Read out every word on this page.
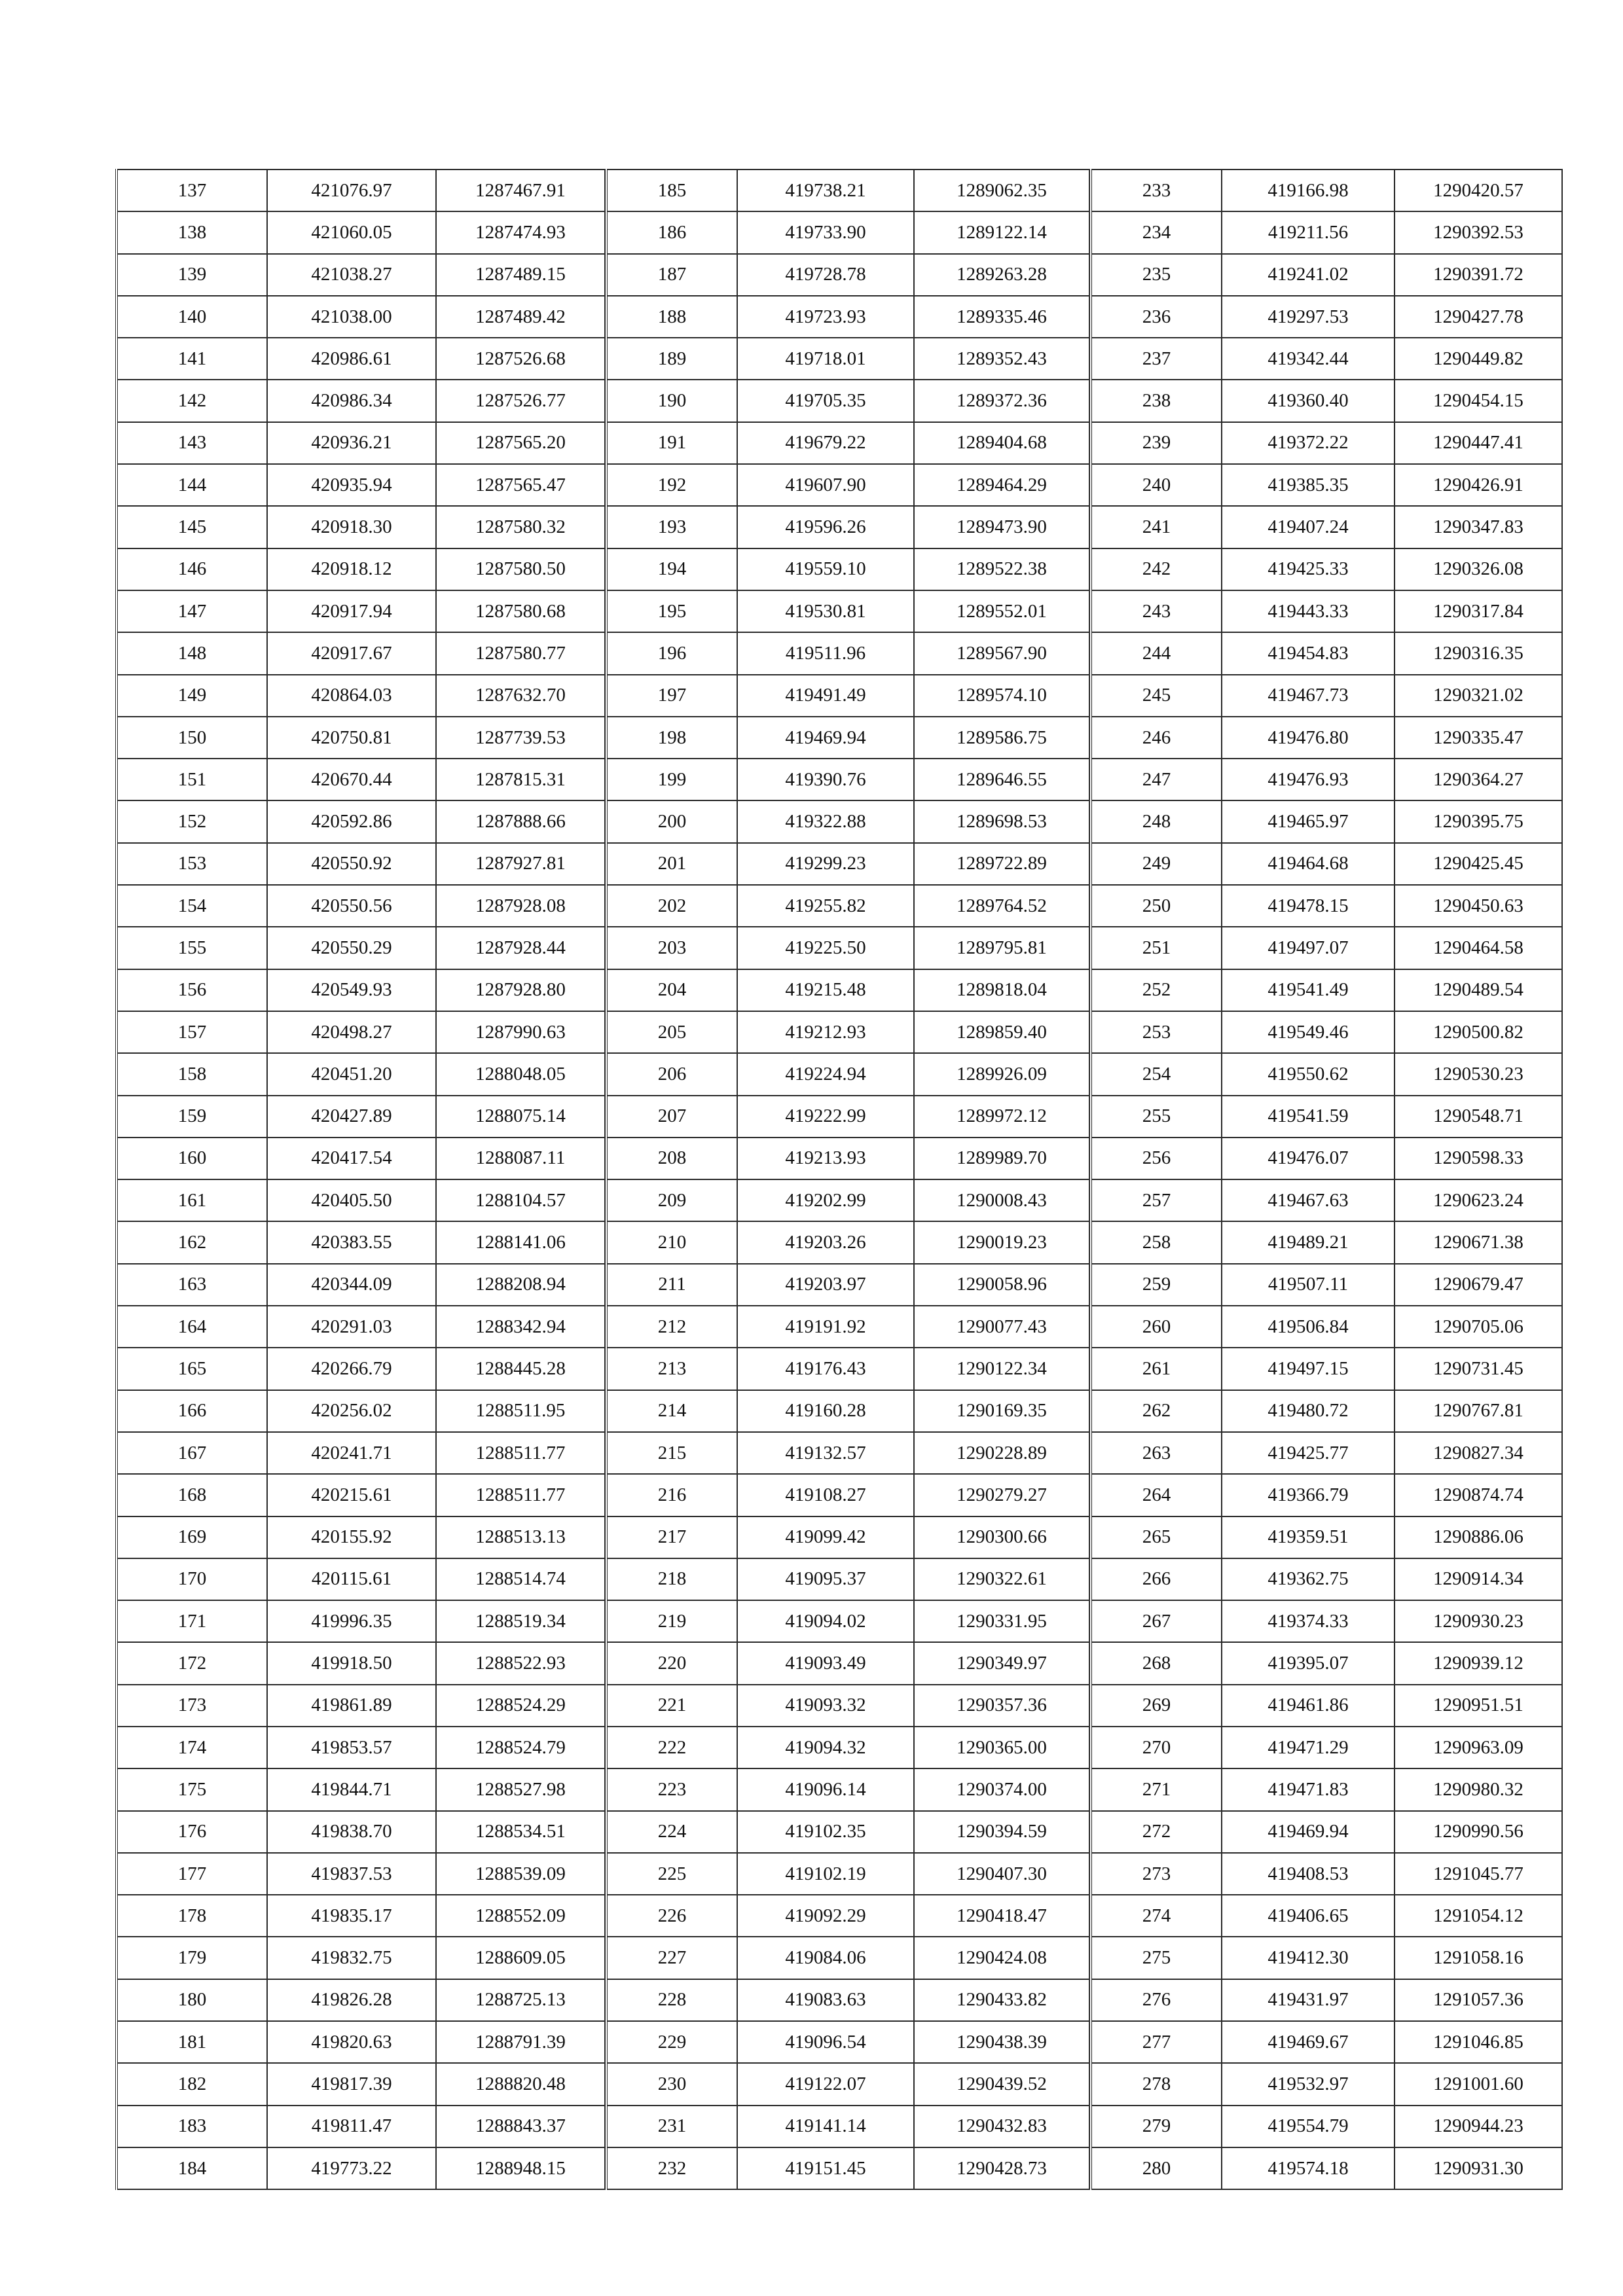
137	421076.97	1287467.91
138	421060.05	1287474.93
139	421038.27	1287489.15
140	421038.00	1287489.42
141	420986.61	1287526.68
142	420986.34	1287526.77
143	420936.21	1287565.20
144	420935.94	1287565.47
145	420918.30	1287580.32
146	420918.12	1287580.50
147	420917.94	1287580.68
148	420917.67	1287580.77
149	420864.03	1287632.70
150	420750.81	1287739.53
151	420670.44	1287815.31
152	420592.86	1287888.66
153	420550.92	1287927.81
154	420550.56	1287928.08
155	420550.29	1287928.44
156	420549.93	1287928.80
157	420498.27	1287990.63
158	420451.20	1288048.05
159	420427.89	1288075.14
160	420417.54	1288087.11
161	420405.50	1288104.57
162	420383.55	1288141.06
163	420344.09	1288208.94
164	420291.03	1288342.94
165	420266.79	1288445.28
166	420256.02	1288511.95
167	420241.71	1288511.77
168	420215.61	1288511.77
169	420155.92	1288513.13
170	420115.61	1288514.74
171	419996.35	1288519.34
172	419918.50	1288522.93
173	419861.89	1288524.29
174	419853.57	1288524.79
175	419844.71	1288527.98
176	419838.70	1288534.51
177	419837.53	1288539.09
178	419835.17	1288552.09
179	419832.75	1288609.05
180	419826.28	1288725.13
181	419820.63	1288791.39
182	419817.39	1288820.48
183	419811.47	1288843.37
184	419773.22	1288948.15
185	419738.21	1289062.35
186	419733.90	1289122.14
187	419728.78	1289263.28
188	419723.93	1289335.46
189	419718.01	1289352.43
190	419705.35	1289372.36
191	419679.22	1289404.68
192	419607.90	1289464.29
193	419596.26	1289473.90
194	419559.10	1289522.38
195	419530.81	1289552.01
196	419511.96	1289567.90
197	419491.49	1289574.10
198	419469.94	1289586.75
199	419390.76	1289646.55
200	419322.88	1289698.53
201	419299.23	1289722.89
202	419255.82	1289764.52
203	419225.50	1289795.81
204	419215.48	1289818.04
205	419212.93	1289859.40
206	419224.94	1289926.09
207	419222.99	1289972.12
208	419213.93	1289989.70
209	419202.99	1290008.43
210	419203.26	1290019.23
211	419203.97	1290058.96
212	419191.92	1290077.43
213	419176.43	1290122.34
214	419160.28	1290169.35
215	419132.57	1290228.89
216	419108.27	1290279.27
217	419099.42	1290300.66
218	419095.37	1290322.61
219	419094.02	1290331.95
220	419093.49	1290349.97
221	419093.32	1290357.36
222	419094.32	1290365.00
223	419096.14	1290374.00
224	419102.35	1290394.59
225	419102.19	1290407.30
226	419092.29	1290418.47
227	419084.06	1290424.08
228	419083.63	1290433.82
229	419096.54	1290438.39
230	419122.07	1290439.52
231	419141.14	1290432.83
232	419151.45	1290428.73
233	419166.98	1290420.57
234	419211.56	1290392.53
235	419241.02	1290391.72
236	419297.53	1290427.78
237	419342.44	1290449.82
238	419360.40	1290454.15
239	419372.22	1290447.41
240	419385.35	1290426.91
241	419407.24	1290347.83
242	419425.33	1290326.08
243	419443.33	1290317.84
244	419454.83	1290316.35
245	419467.73	1290321.02
246	419476.80	1290335.47
247	419476.93	1290364.27
248	419465.97	1290395.75
249	419464.68	1290425.45
250	419478.15	1290450.63
251	419497.07	1290464.58
252	419541.49	1290489.54
253	419549.46	1290500.82
254	419550.62	1290530.23
255	419541.59	1290548.71
256	419476.07	1290598.33
257	419467.63	1290623.24
258	419489.21	1290671.38
259	419507.11	1290679.47
260	419506.84	1290705.06
261	419497.15	1290731.45
262	419480.72	1290767.81
263	419425.77	1290827.34
264	419366.79	1290874.74
265	419359.51	1290886.06
266	419362.75	1290914.34
267	419374.33	1290930.23
268	419395.07	1290939.12
269	419461.86	1290951.51
270	419471.29	1290963.09
271	419471.83	1290980.32
272	419469.94	1290990.56
273	419408.53	1291045.77
274	419406.65	1291054.12
275	419412.30	1291058.16
276	419431.97	1291057.36
277	419469.67	1291046.85
278	419532.97	1291001.60
279	419554.79	1290944.23
280	419574.18	1290931.30
